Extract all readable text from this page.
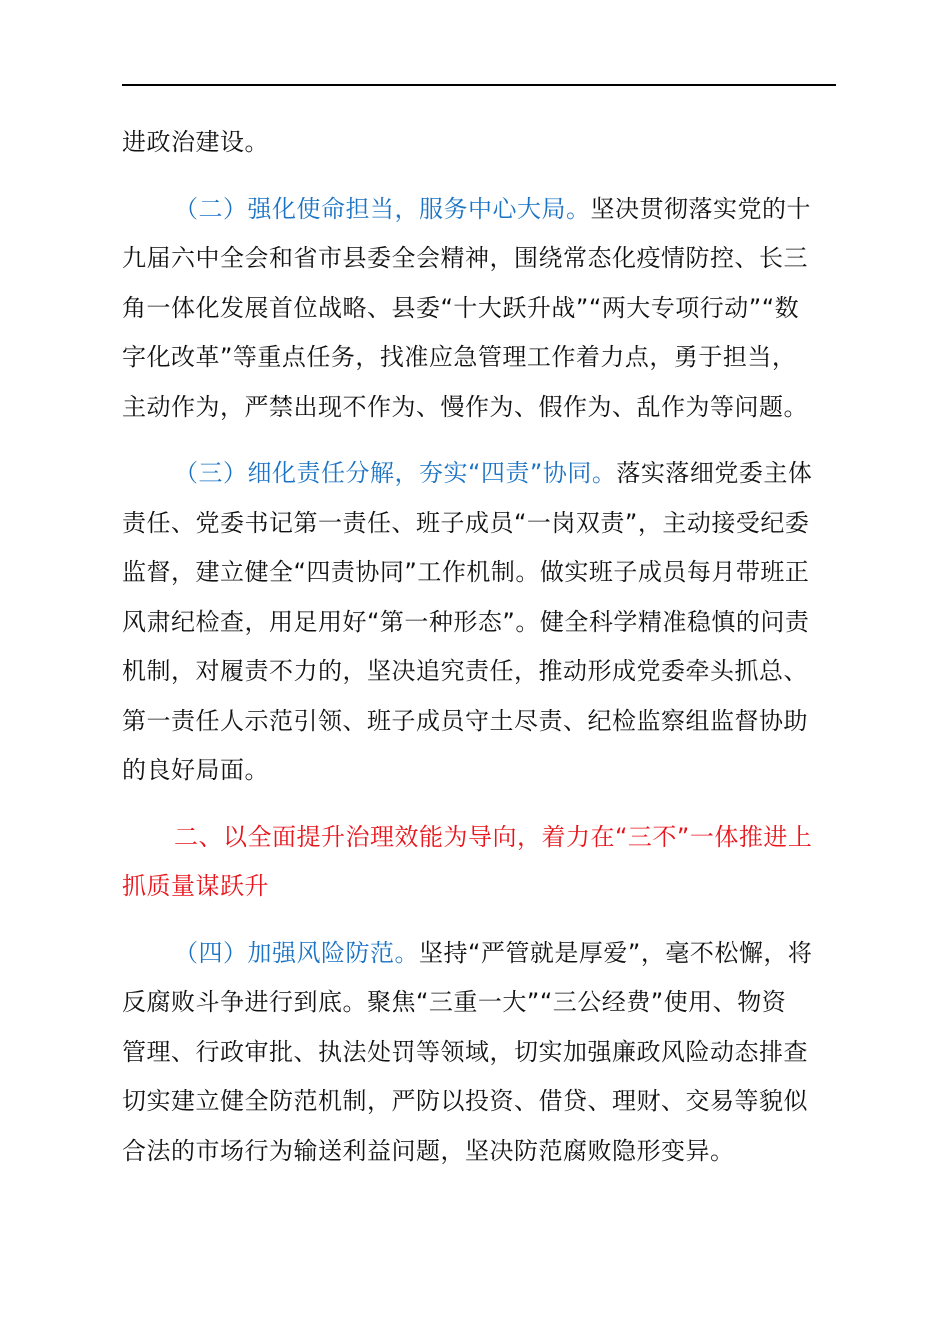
进政治建设。

（二）强化使命担当，服务中心大局。坚决贯彻落实党的十
九届六中全会和省市县委全会精神，围绕常态化疫情防控、长三
角一体化发展首位战略、县委“十大跃升战”“两大专项行动”“数
字化改革”等重点任务，找准应急管理工作着力点，勇于担当，
主动作为，严禁出现不作为、慢作为、假作为、乱作为等问题。

（三）细化责任分解，夯实“四责”协同。落实落细党委主体
责任、党委书记第一责任、班子成员“一岗双责”，主动接受纪委
监督，建立健全“四责协同”工作机制。做实班子成员每月带班正
风肃纪检查，用足用好“第一种形态”。健全科学精准稳慎的问责
机制，对履责不力的，坚决追究责任，推动形成党委牵头抓总、
第一责任人示范引领、班子成员守土尽责、纪检监察组监督协助
的良好局面。

二、以全面提升治理效能为导向，着力在“三不”一体推进上
抓质量谋跃升

（四）加强风险防范。坚持“严管就是厚爱”，毫不松懈，将
反腐败斗争进行到底。聚焦“三重一大”“三公经费”使用、物资
管理、行政审批、执法处罚等领域，切实加强廉政风险动态排查
切实建立健全防范机制，严防以投资、借贷、理财、交易等貌似
合法的市场行为输送利益问题，坚决防范腐败隐形变异。
